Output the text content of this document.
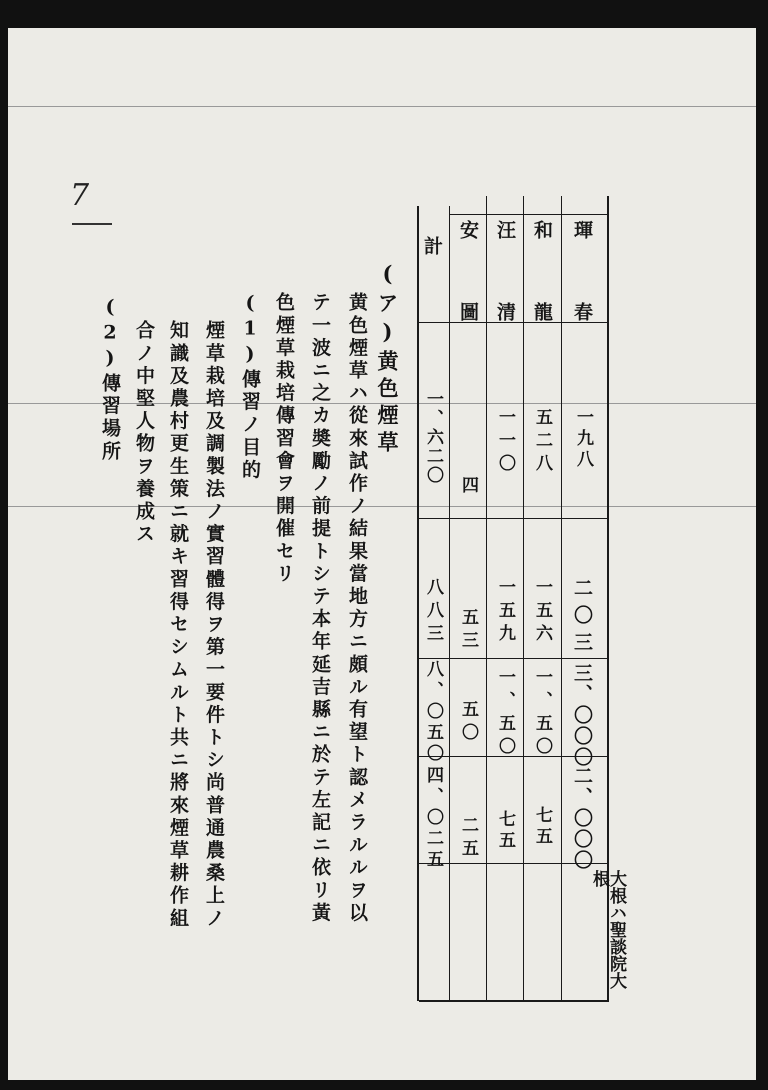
7
琿　春
一九八
二〇三
三、〇〇〇
二、〇〇〇
大根ハ聖談院大根
和　龍
五二八
一五六
一、五〇
七五
汪　清
一一〇
一五九
一、五〇
七五
安　圖
四
五三
五〇
二五
計
一、六二〇
八八三
八、〇五〇
四、〇二五
(ア)黄色煙草
黄色煙草ハ從來試作ノ結果當地方ニ頗ル有望ト認メラルルヲ以
テ一波ニ之カ奬勵ノ前提トシテ本年延吉縣ニ於テ左記ニ依リ黃
色煙草栽培傳習會ヲ開催セリ
(1)傳習ノ目的
煙草栽培及調製法ノ實習體得ヲ第一要件トシ尚普通農桑上ノ
知識及農村更生策ニ就キ習得セシムルト共ニ將來煙草耕作組
合ノ中堅人物ヲ養成ス
(2)傳習場所
